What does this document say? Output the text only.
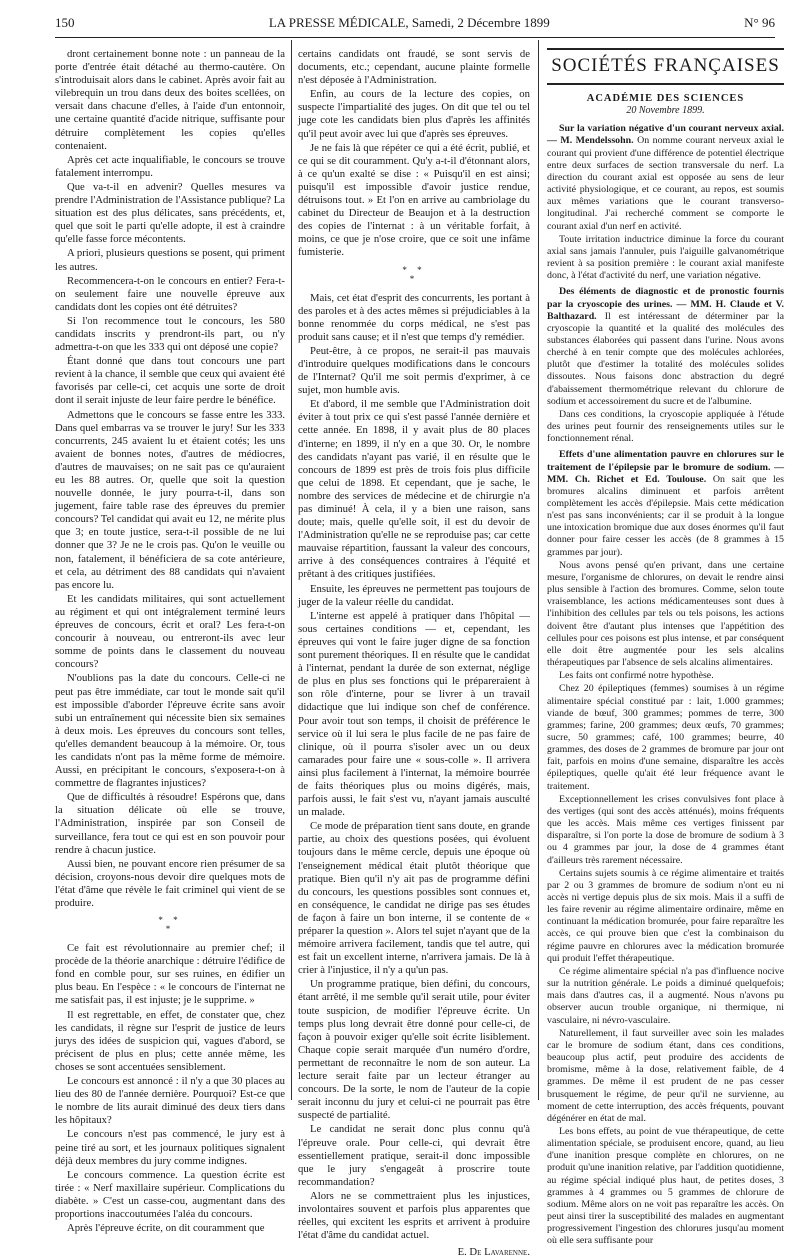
150	LA PRESSE MÉDICALE, Samedi, 2 Décembre 1899	N° 96

dront certainement bonne note : un panneau de la porte d'entrée était détaché au thermo-cautère. On s'introduisait alors dans le cabinet. Après avoir fait au vilebrequin un trou dans deux des boites scellées, on versait dans chacune d'elles, à l'aide d'un entonnoir, une certaine quantité d'acide nitrique, suffisante pour détruire complètement les copies qu'elles contenaient.

Après cet acte inqualifiable, le concours se trouve fatalement interrompu.

Que va-t-il en advenir? Quelles mesures va prendre l'Administration de l'Assistance publique? La situation est des plus délicates, sans précédents, et, quel que soit le parti qu'elle adopte, il est à craindre qu'elle fasse force mécontents.

A priori, plusieurs questions se posent, qui priment les autres.

Recommencera-t-on le concours en entier? Fera-t-on seulement faire une nouvelle épreuve aux candidats dont les copies ont été détruites?

Si l'on recommence tout le concours, les 580 candidats inscrits y prendront-ils part, ou n'y admettra-t-on que les 333 qui ont déposé une copie?

Étant donné que dans tout concours une part revient à la chance, il semble que ceux qui avaient été favorisés par celle-ci, cet acquis une sorte de droit dont il serait injuste de leur faire perdre le bénéfice.

Admettons que le concours se fasse entre les 333. Dans quel embarras va se trouver le jury! Sur les 333 concurrents, 245 avaient lu et étaient cotés; les uns avaient de bonnes notes, d'autres de médiocres, d'autres de mauvaises; on ne sait pas ce qu'auraient eu les 88 autres. Or, quelle que soit la question nouvelle donnée, le jury pourra-t-il, dans son jugement, faire table rase des épreuves du premier concours? Tel candidat qui avait eu 12, ne mérite plus que 3; en toute justice, sera-t-il possible de ne lui donner que 3? Je ne le crois pas. Qu'on le veuille ou non, fatalement, il bénéficiera de sa cote antérieure, et cela, au détriment des 88 candidats qui n'avaient pas encore lu.

Et les candidats militaires, qui sont actuellement au régiment et qui ont intégralement terminé leurs épreuves de concours, écrit et oral? Les fera-t-on concourir à nouveau, ou entreront-ils avec leur somme de points dans le classement du nouveau concours?

N'oublions pas la date du concours. Celle-ci ne peut pas être immédiate, car tout le monde sait qu'il est impossible d'aborder l'épreuve écrite sans avoir subi un entraînement qui nécessite bien six semaines à deux mois. Les épreuves du concours sont telles, qu'elles demandent beaucoup à la mémoire. Or, tous les candidats n'ont pas la même forme de mémoire. Aussi, en précipitant le concours, s'exposera-t-on à commettre de flagrantes injustices?

Que de difficultés à résoudre! Espérons que, dans la situation délicate où elle se trouve, l'Administration, inspirée par son Conseil de surveillance, fera tout ce qui est en son pouvoir pour rendre à chacun justice.

Aussi bien, ne pouvant encore rien présumer de sa décision, croyons-nous devoir dire quelques mots de l'état d'âme que révèle le fait criminel qui vient de se produire.

* *
*

Ce fait est révolutionnaire au premier chef; il procède de la théorie anarchique : détruire l'édifice de fond en comble pour, sur ses ruines, en édifier un plus beau. En l'espèce : « le concours de l'internat ne me satisfait pas, il est injuste; je le supprime. »

Il est regrettable, en effet, de constater que, chez les candidats, il règne sur l'esprit de justice de leurs jurys des idées de suspicion qui, vagues d'abord, se précisent de plus en plus; cette année même, les choses se sont accentuées sensiblement.

Le concours est annoncé : il n'y a que 30 places au lieu des 80 de l'année dernière. Pourquoi? Est-ce que le nombre de lits aurait diminué des deux tiers dans les hôpitaux?

Le concours n'est pas commencé, le jury est à peine tiré au sort, et les journaux politiques signalent déjà deux membres du jury comme indignes.

Le concours commence. La question écrite est tirée : « Nerf maxillaire supérieur. Complications du diabète. » C'est un casse-cou, augmentant dans des proportions inaccoutumées l'aléa du concours.

Après l'épreuve écrite, on dit couramment que

certains candidats ont fraudé, se sont servis de documents, etc.; cependant, aucune plainte formelle n'est déposée à l'Administration.

Enfin, au cours de la lecture des copies, on suspecte l'impartialité des juges. On dit que tel ou tel juge cote les candidats bien plus d'après les affinités qu'il peut avoir avec lui que d'après ses épreuves.

Je ne fais là que répéter ce qui a été écrit, publié, et ce qui se dit couramment. Qu'y a-t-il d'étonnant alors, à ce qu'un exalté se dise : « Puisqu'il en est ainsi; puisqu'il est impossible d'avoir justice rendue, détruisons tout. » Et l'on en arrive au cambriolage du cabinet du Directeur de Beaujon et à la destruction des copies de l'internat : à un véritable forfait, à moins, ce que je n'ose croire, que ce soit une infâme fumisterie.

* *
*

Mais, cet état d'esprit des concurrents, les portant à des paroles et à des actes mêmes si préjudiciables à la bonne renommée du corps médical, ne s'est pas produit sans cause; et il n'est que temps d'y remédier.

Peut-être, à ce propos, ne serait-il pas mauvais d'introduire quelques modifications dans le concours de l'Internat? Qu'il me soit permis d'exprimer, à ce sujet, mon humble avis.

Et d'abord, il me semble que l'Administration doit éviter à tout prix ce qui s'est passé l'année dernière et cette année. En 1898, il y avait plus de 80 places d'interne; en 1899, il n'y en a que 30. Or, le nombre des candidats n'ayant pas varié, il en résulte que le concours de 1899 est près de trois fois plus difficile que celui de 1898. Et cependant, que je sache, le nombre des services de médecine et de chirurgie n'a pas diminué! À cela, il y a bien une raison, sans doute; mais, quelle qu'elle soit, il est du devoir de l'Administration qu'elle ne se reproduise pas; car cette mauvaise répartition, faussant la valeur des concours, arrive à des conséquences contraires à l'équité et prêtant à des critiques justifiées.

Ensuite, les épreuves ne permettent pas toujours de juger de la valeur réelle du candidat.

L'interne est appelé à pratiquer dans l'hôpital — sous certaines conditions — et, cependant, les épreuves qui vont le faire juger digne de sa fonction sont purement théoriques. Il en résulte que le candidat à l'internat, pendant la durée de son externat, néglige de plus en plus ses fonctions qui le prépareraient à son rôle d'interne, pour se livrer à un travail didactique que lui indique son chef de conférence. Pour avoir tout son temps, il choisit de préférence le service où il lui sera le plus facile de ne pas faire de clinique, où il pourra s'isoler avec un ou deux camarades pour faire une « sous-colle ». Il arrivera ainsi plus facilement à l'internat, la mémoire bourrée de faits théoriques plus ou moins digérés, mais, parfois aussi, le fait s'est vu, n'ayant jamais ausculté un malade.

Ce mode de préparation tient sans doute, en grande partie, au choix des questions posées, qui évoluent toujours dans le même cercle, depuis une époque où l'enseignement médical était plutôt théorique que pratique. Bien qu'il n'y ait pas de programme défini du concours, les questions possibles sont connues et, en conséquence, le candidat ne dirige pas ses études de façon à faire un bon interne, il se contente de « préparer la question ». Alors tel sujet n'ayant que de la mémoire arrivera facilement, tandis que tel autre, qui est fait un excellent interne, n'arrivera jamais. De là à crier à l'injustice, il n'y a qu'un pas.

Un programme pratique, bien défini, du concours, étant arrêté, il me semble qu'il serait utile, pour éviter toute suspicion, de modifier l'épreuve écrite. Un temps plus long devrait être donné pour celle-ci, de façon à pouvoir exiger qu'elle soit écrite lisiblement. Chaque copie serait marquée d'un numéro d'ordre, permettant de reconnaître le nom de son auteur. La lecture serait faite par un lecteur étranger au concours. De la sorte, le nom de l'auteur de la copie serait inconnu du jury et celui-ci ne pourrait pas être suspecté de partialité.

Le candidat ne serait donc plus connu qu'à l'épreuve orale. Pour celle-ci, qui devrait être essentiellement pratique, serait-il donc impossible que le jury s'engageât à proscrire toute recommandation?

Alors ne se commettraient plus les injustices, involontaires souvent et parfois plus apparentes que réelles, qui excitent les esprits et arrivent à produire l'état d'âme du candidat actuel.

E. De Lavarenne.
SOCIÉTÉS FRANÇAISES
ACADÉMIE DES SCIENCES
20 Novembre 1899.

Sur la variation négative d'un courant nerveux axial. — M. Mendelssohn. On nomme courant nerveux axial le courant qui provient d'une différence de potentiel électrique entre deux surfaces de section transversale du nerf. La direction du courant axial est opposée au sens de leur activité physiologique, et ce courant, au repos, est soumis aux mêmes variations que le courant transverso-longitudinal. J'ai recherché comment se comporte le courant axial d'un nerf en activité.

Toute irritation inductrice diminue la force du courant axial sans jamais l'annuler, puis l'aiguille galvanométrique revient à sa position première : le courant axial manifeste donc, à l'état d'activité du nerf, une variation négative.

Des éléments de diagnostic et de pronostic fournis par la cryoscopie des urines. — MM. H. Claude et V. Balthazard. Il est intéressant de déterminer par la cryoscopie la quantité et la qualité des molécules des substances élaborées qui passent dans l'urine. Nous avons cherché à en tenir compte que des molécules achlorées, plutôt que d'estimer la totalité des molécules solides dissoutes. Nous faisons donc abstraction du degré d'abaissement thermométrique relevant du chlorure de sodium et accessoirement du sucre et de l'albumine.

Dans ces conditions, la cryoscopie appliquée à l'étude des urines peut fournir des renseignements utiles sur le fonctionnement rénal.

Effets d'une alimentation pauvre en chlorures sur le traitement de l'épilepsie par le bromure de sodium. — MM. Ch. Richet et Ed. Toulouse. On sait que les bromures alcalins diminuent et parfois arrêtent complètement les accès d'épilepsie. Mais cette médication n'est pas sans inconvénients; car il se produit à la longue une intoxication bromique due aux doses énormes qu'il faut donner pour faire cesser les accès (de 8 grammes à 15 grammes par jour).

Nous avons pensé qu'en privant, dans une certaine mesure, l'organisme de chlorures, on devait le rendre ainsi plus sensible à l'action des bromures. Comme, selon toute vraisemblance, les actions médicamenteuses sont dues à l'inhibition des cellules par tels ou tels poisons, les actions doivent être d'autant plus intenses que l'appétition des cellules pour ces poisons est plus intense, et par conséquent elle doit être augmentée pour les sels alcalins thérapeutiques par l'absence de sels alcalins alimentaires.

Les faits ont confirmé notre hypothèse.

Chez 20 épileptiques (femmes) soumises à un régime alimentaire spécial constitué par : lait, 1.000 grammes; viande de bœuf, 300 grammes; pommes de terre, 300 grammes; farine, 200 grammes; deux œufs, 70 grammes; sucre, 50 grammes; café, 100 grammes; beurre, 40 grammes, des doses de 2 grammes de bromure par jour ont fait, parfois en moins d'une semaine, disparaître les accès épileptiques, quelle qu'ait été leur fréquence avant le traitement.

Exceptionnellement les crises convulsives font place à des vertiges (qui sont des accès atténués), moins fréquents que les accès. Mais même ces vertiges finissent par disparaître, si l'on porte la dose de bromure de sodium à 3 ou 4 grammes par jour, la dose de 4 grammes étant d'ailleurs très rarement nécessaire.

Certains sujets soumis à ce régime alimentaire et traités par 2 ou 3 grammes de bromure de sodium n'ont eu ni accès ni vertige depuis plus de six mois. Mais il a suffi de les faire revenir au régime alimentaire ordinaire, même en continuant la médication bromurée, pour faire reparaître les accès, ce qui prouve bien que c'est la combinaison du régime pauvre en chlorures avec la médication bromurée qui produit l'effet thérapeutique.

Ce régime alimentaire spécial n'a pas d'influence nocive sur la nutrition générale. Le poids a diminué quelquefois; mais dans d'autres cas, il a augmenté. Nous n'avons pu observer aucun trouble organique, ni thermique, ni vasculaire, ni névro-vasculaire.

Naturellement, il faut surveiller avec soin les malades car le bromure de sodium étant, dans ces conditions, beaucoup plus actif, peut produire des accidents de bromisme, même à la dose, relativement faible, de 4 grammes. De même il est prudent de ne pas cesser brusquement le régime, de peur qu'il ne survienne, au moment de cette interruption, des accès fréquents, pouvant dégénérer en état de mal.

Les bons effets, au point de vue thérapeutique, de cette alimentation spéciale, se produisent encore, quand, au lieu d'une inanition presque complète en chlorures, on ne produit qu'une inanition relative, par l'addition quotidienne, au régime spécial indiqué plus haut, de petites doses, 3 grammes à 4 grammes ou 5 grammes de chlorure de sodium. Même alors on ne voit pas reparaître les accès. On peut ainsi tirer la susceptibilité des malades en augmentant progressivement l'ingestion des chlorures jusqu'au moment où elle sera suffisante pour
